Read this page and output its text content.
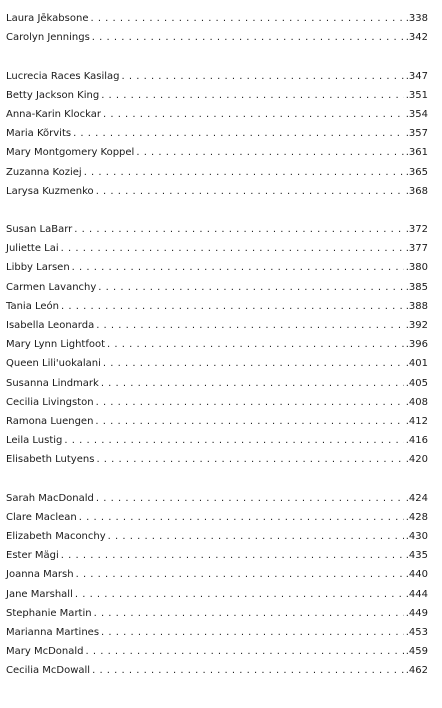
Laura Jēkabsone . . .	.338
Carolyn Jennings . . .	.342
Lucrecia Races Kasilag . . .	.347
Betty Jackson King . . .	.351
Anna-Karin Klockar . . .	.354
Maria Kõrvits . . .	.357
Mary Montgomery Koppel . . .	.361
Zuzanna Koziej . . .	.365
Larysa Kuzmenko . . .	.368
Susan LaBarr . . .	.372
Juliette Lai . . .	.377
Libby Larsen . . .	.380
Carmen Lavanchy . . .	.385
Tania León . . .	.388
Isabella Leonarda . . .	.392
Mary Lynn Lightfoot . . .	.396
Queen Lili'uokalani . . .	.401
Susanna Lindmark . . .	.405
Cecilia Livingston . . .	.408
Ramona Luengen . . .	.412
Leila Lustig . . .	.416
Elisabeth Lutyens . . .	.420
Sarah MacDonald . . .	.424
Clare Maclean . . .	.428
Elizabeth Maconchy . . .	.430
Ester Mägi . . .	.435
Joanna Marsh . . .	.440
Jane Marshall . . .	.444
Stephanie Martin . . .	.449
Marianna Martines . . .	.453
Mary McDonald . . .	.459
Cecilia McDowall . . .	.462
